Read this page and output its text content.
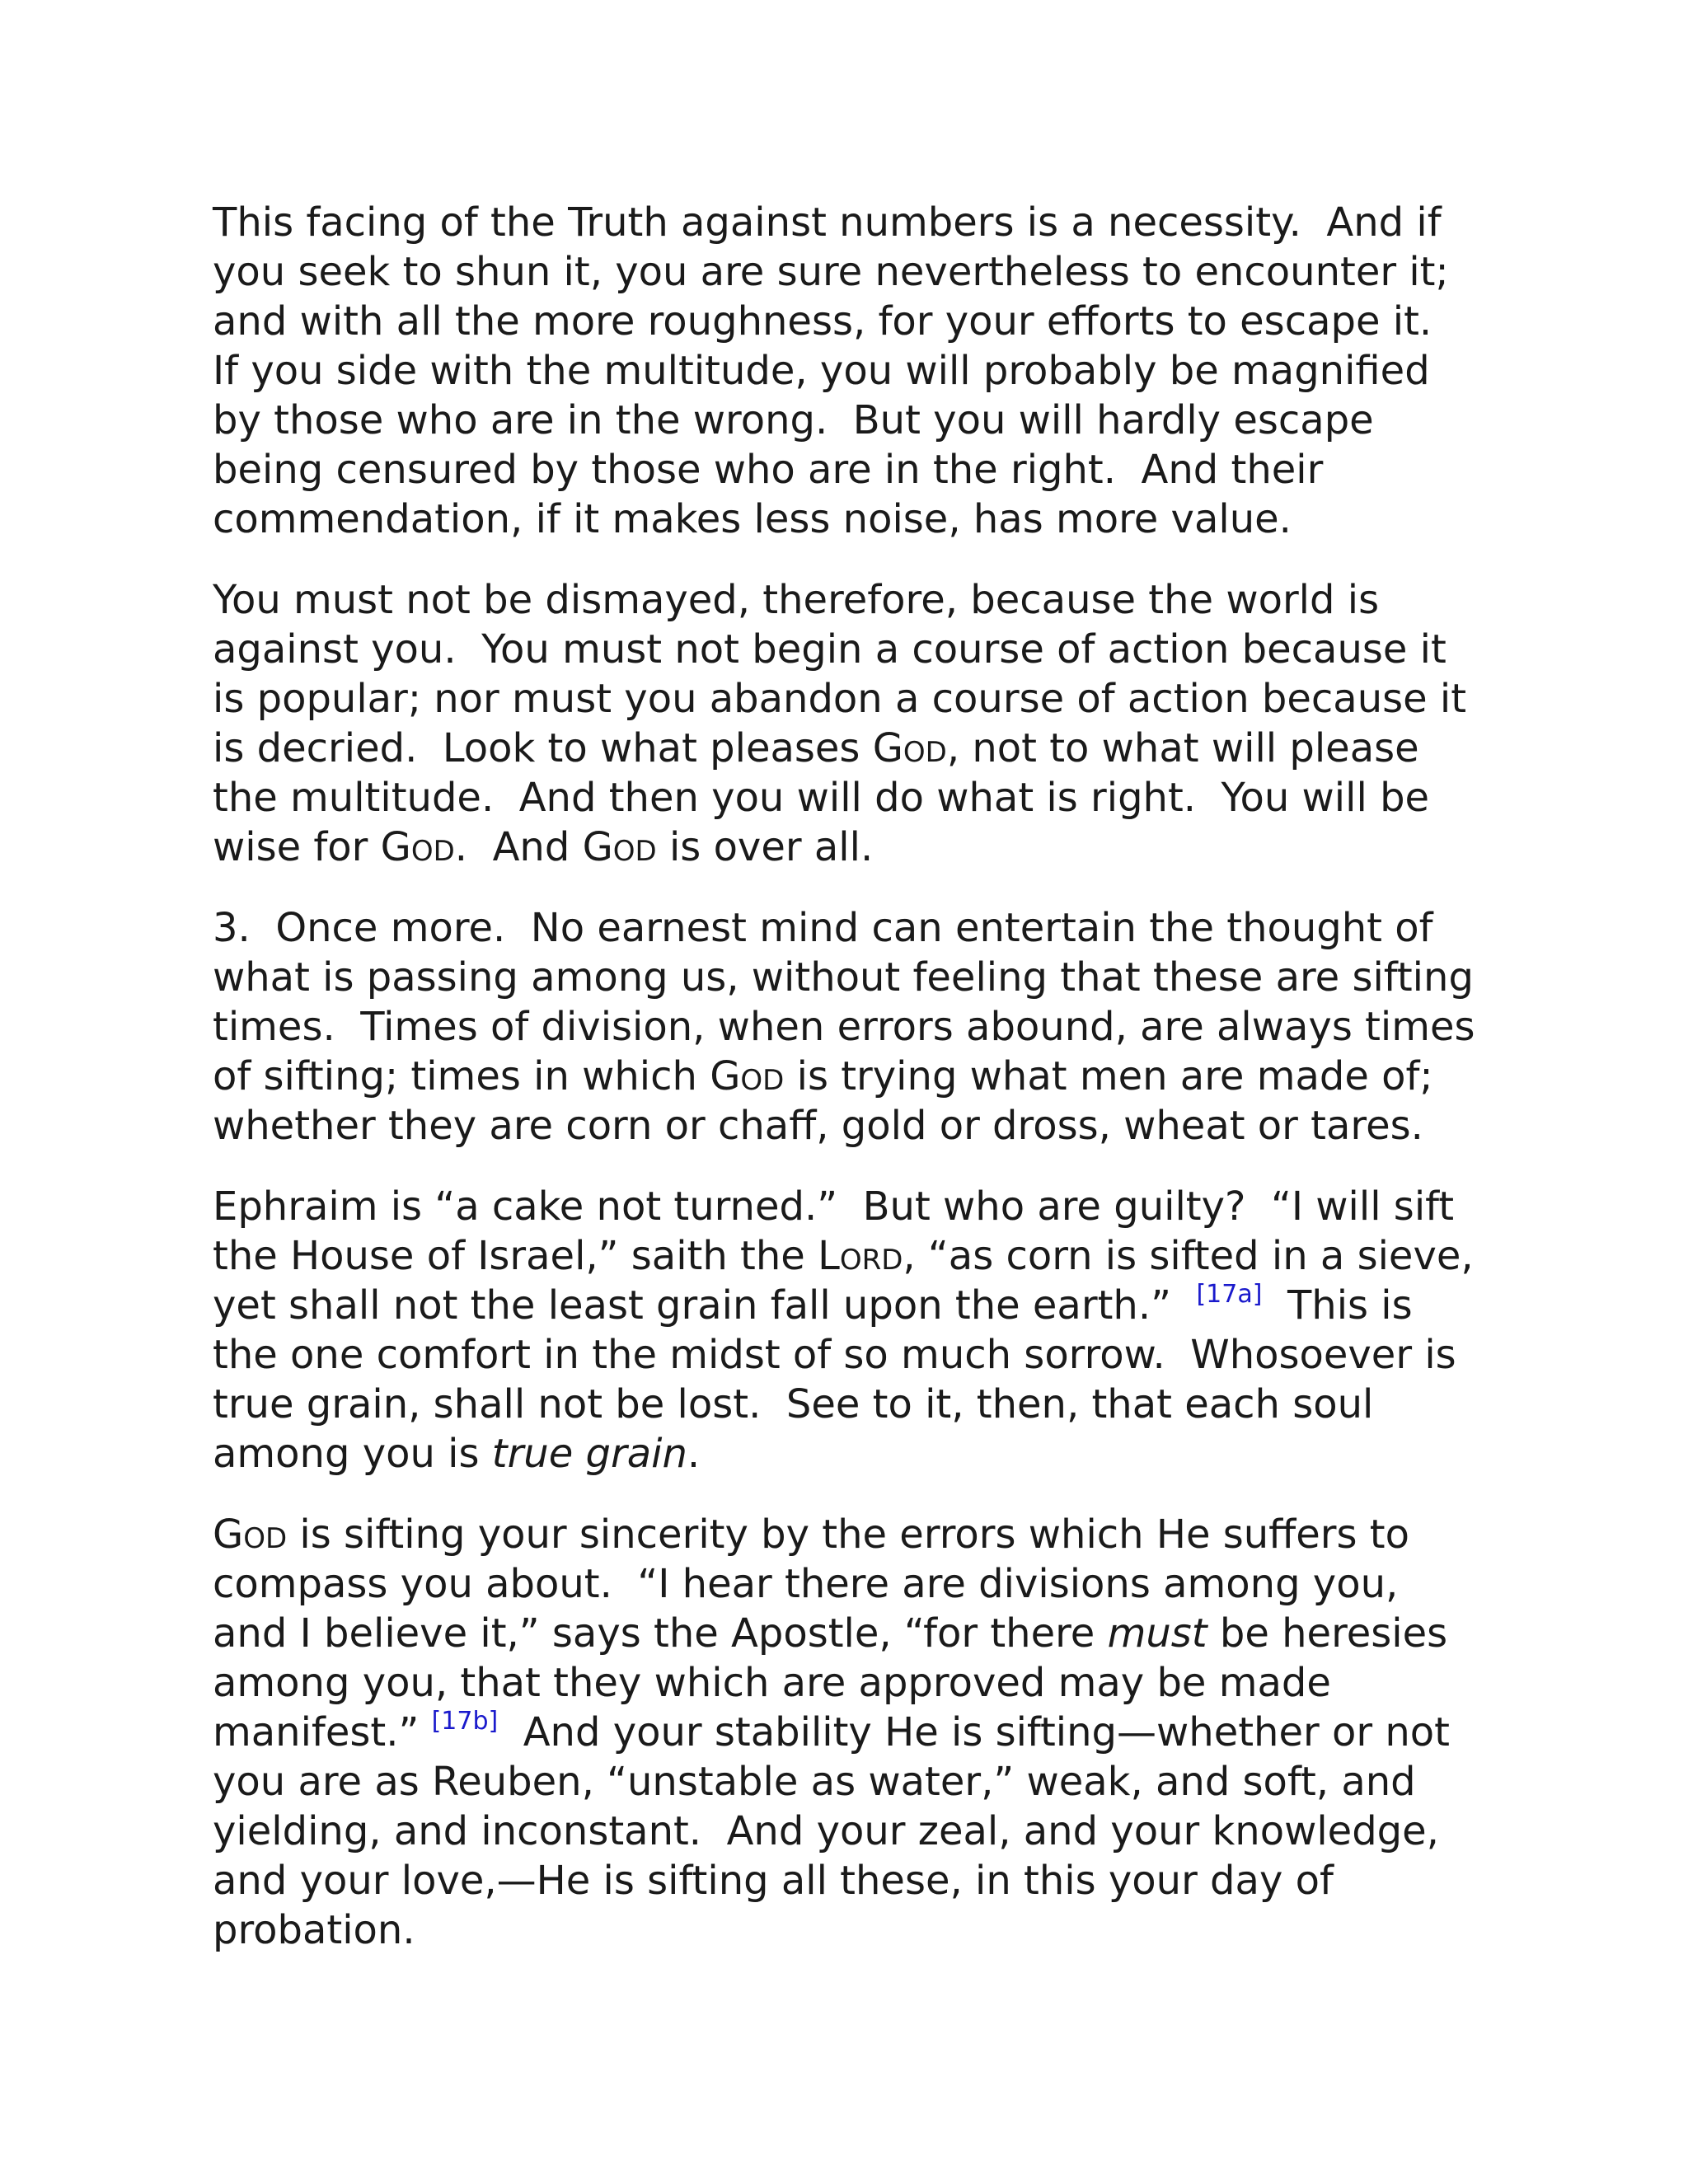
This facing of the Truth against numbers is a necessity.  And if you seek to shun it, you are sure nevertheless to encounter it; and with all the more roughness, for your efforts to escape it.  If you side with the multitude, you will probably be magnified by those who are in the wrong.  But you will hardly escape being censured by those who are in the right.  And their commendation, if it makes less noise, has more value.

You must not be dismayed, therefore, because the world is against you.  You must not begin a course of action because it is popular; nor must you abandon a course of action because it is decried.  Look to what pleases God, not to what will please the multitude.  And then you will do what is right.  You will be wise for God.  And God is over all.

3.  Once more.  No earnest mind can entertain the thought of what is passing among us, without feeling that these are sifting times.  Times of division, when errors abound, are always times of sifting; times in which God is trying what men are made of; whether they are corn or chaff, gold or dross, wheat or tares.

Ephraim is “a cake not turned.”  But who are guilty?  “I will sift the House of Israel,” saith the Lord, “as corn is sifted in a sieve, yet shall not the least grain fall upon the earth.”  [17a]  This is the one comfort in the midst of so much sorrow.  Whosoever is true grain, shall not be lost.  See to it, then, that each soul among you is true grain.

God is sifting your sincerity by the errors which He suffers to compass you about.  “I hear there are divisions among you, and I believe it,” says the Apostle, “for there must be heresies among you, that they which are approved may be made manifest.” [17b]  And your stability He is sifting—whether or not you are as Reuben, “unstable as water,” weak, and soft, and yielding, and inconstant.  And your zeal, and your knowledge, and your love,—He is sifting all these, in this your day of probation.
